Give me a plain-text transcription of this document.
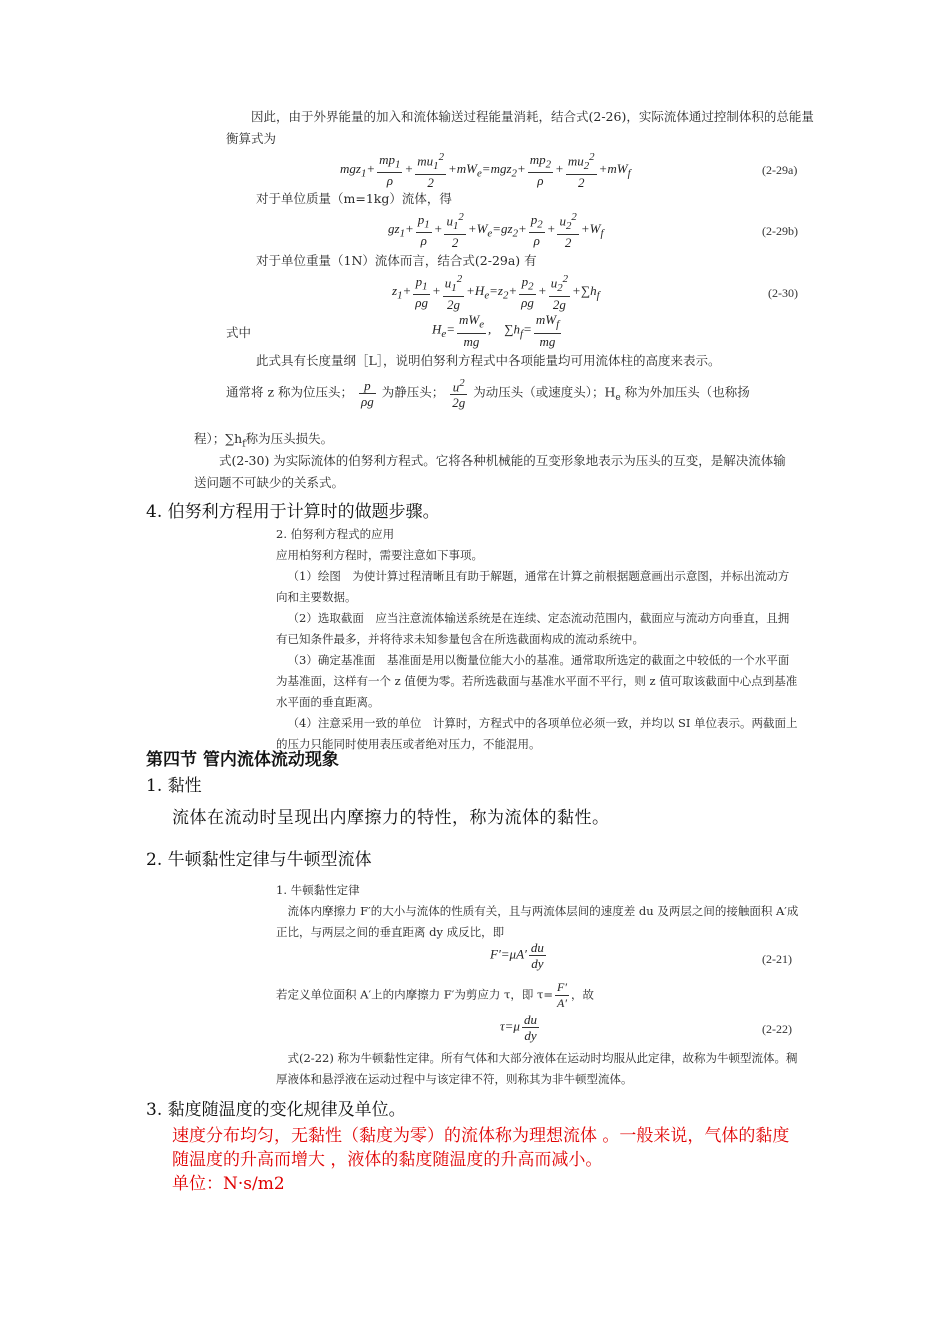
因此，由于外界能量的加入和流体输送过程能量消耗，结合式(2-26)，实际流体通过控制体积的总能量衡算式为
$mgz_1+ \frac{mp_1}{\rho} + \frac{mu_1^2}{2} +mW_e=mgz_2+ \frac{mp_2}{\rho} + \frac{mu_2^2}{2} +mW_f$	(2-29a)
对于单位质量（m=1kg）流体，得
$gz_1+ \frac{p_1}{\rho} + \frac{u_1^2}{2} +W_e=gz_2+ \frac{p_2}{\rho} + \frac{u_2^2}{2} +W_f$	(2-29b)
对于单位重量（1N）流体而言，结合式(2-29a) 有
$z_1+ \frac{p_1}{\rho g} + \frac{u_1^2}{2g} +H_e=z_2+ \frac{p_2}{\rho g} + \frac{u_2^2}{2g} +\sum h_f$	(2-30)
式中	$H_e= \frac{mW_e}{mg}$ ,    $\sum h_f= \frac{mW_f}{mg}$
此式具有长度量纲［L］，说明伯努利方程式中各项能量均可用流体柱的高度来表示。
通常将 z 称为位压头； $\frac{p}{\rho g}$ 为静压头； $\frac{u^2}{2g}$ 为动压头（或速度头）；$H_e$ 称为外加压头（也称扬
程）；$\sum h_f$称为压头损失。
式(2-30) 为实际流体的伯努利方程式。它将各种机械能的互变形象地表示为压头的互变，是解决流体输送问题不可缺少的关系式。
4. 伯努利方程用于计算时的做题步骤。
2. 伯努利方程式的应用
应用柏努利方程时，需要注意如下事项。
（1）绘图　为使计算过程清晰且有助于解题，通常在计算之前根据题意画出示意图，并标出流动方向和主要数据。
（2）选取截面　应当注意流体输送系统是在连续、定态流动范围内，截面应与流动方向垂直，且拥有已知条件最多，并将待求未知参量包含在所选截面构成的流动系统中。
（3）确定基准面　基准面是用以衡量位能大小的基准。通常取所选定的截面之中较低的一个水平面为基准面，这样有一个 z 值便为零。若所选截面与基准水平面不平行，则 z 值可取该截面中心点到基准水平面的垂直距离。
（4）注意采用一致的单位　计算时，方程式中的各项单位必须一致，并均以 SI 单位表示。两截面上的压力只能同时使用表压或者绝对压力，不能混用。
第四节 管内流体流动现象
1. 黏性
流体在流动时呈现出内摩擦力的特性，称为流体的黏性。
2. 牛顿黏性定律与牛顿型流体
1. 牛顿黏性定律
流体内摩擦力 F′的大小与流体的性质有关，且与两流体层间的速度差 du 及两层之间的接触面积 A′成正比，与两层之间的垂直距离 dy 成反比，即
$F'=\mu A' \frac{du}{dy}$	(2-21)
若定义单位面积 A′上的内摩擦力 F′为剪应力 τ，即 $\tau= \frac{F'}{A'}$ ，故
$\tau=\mu \frac{du}{dy}$	(2-22)
式(2-22) 称为牛顿黏性定律。所有气体和大部分液体在运动时均服从此定律，故称为牛顿型流体。稠厚液体和悬浮液在运动过程中与该定律不符，则称其为非牛顿型流体。
3. 黏度随温度的变化规律及单位。
速度分布均匀，无黏性（黏度为零）的流体称为理想流体 。一般来说，气体的黏度随温度的升高而增大 ，液体的黏度随温度的升高而减小。
单位：N·s/m2
